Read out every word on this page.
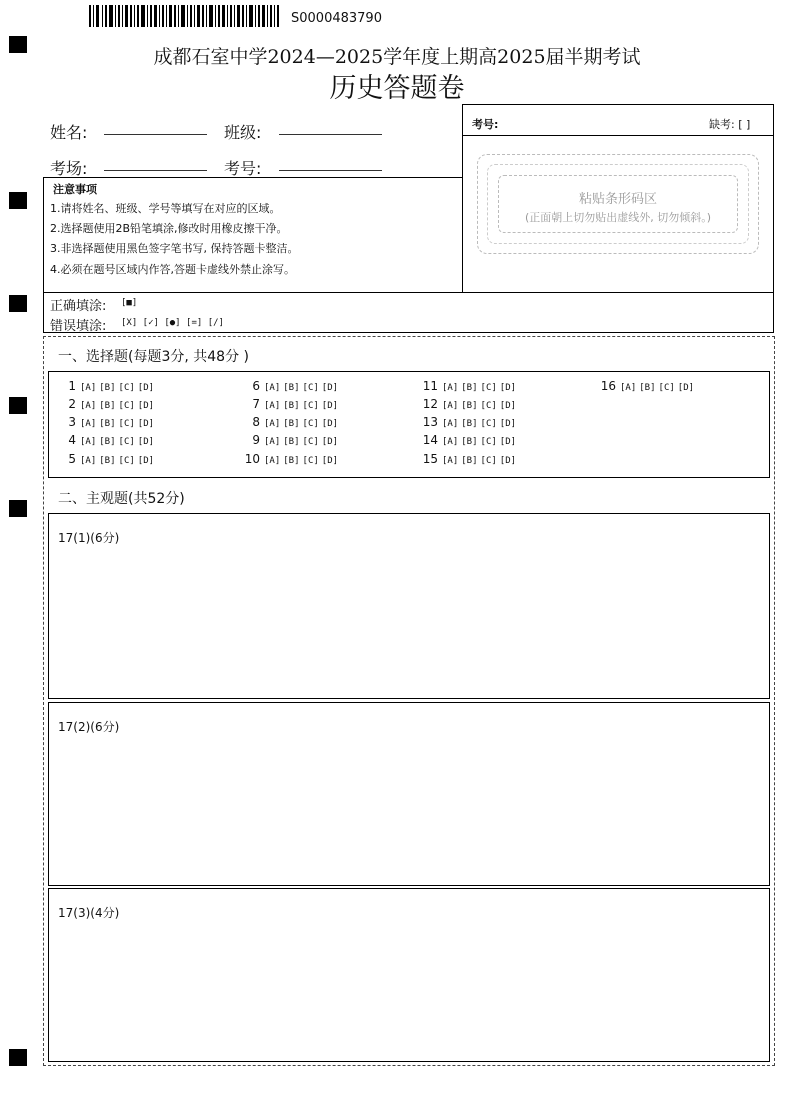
S0000483790
成都石室中学2024—2025学年度上期高2025届半期考试
历史答题卷
姓名:	班级:
考场:	考号:
考号:	缺考: [ ]
粘贴条形码区
(正面朝上切勿贴出虚线外, 切勿倾斜。)
注意事项
1.请将姓名、班级、学号等填写在对应的区域。
2.选择题使用2B铅笔填涂,修改时用橡皮擦干净。
3.非选择题使用黑色签字笔书写, 保持答题卡整洁。
4.必须在题号区域内作答,答题卡虚线外禁止涂写。
正确填涂: [■]
错误填涂: [X] [✓] [●] [=] [/]
一、选择题(每题3分, 共48分 )
1 [A] [B] [C] [D]
2 [A] [B] [C] [D]
3 [A] [B] [C] [D]
4 [A] [B] [C] [D]
5 [A] [B] [C] [D]
6 [A] [B] [C] [D]
7 [A] [B] [C] [D]
8 [A] [B] [C] [D]
9 [A] [B] [C] [D]
10 [A] [B] [C] [D]
11 [A] [B] [C] [D]
12 [A] [B] [C] [D]
13 [A] [B] [C] [D]
14 [A] [B] [C] [D]
15 [A] [B] [C] [D]
16 [A] [B] [C] [D]
二、主观题(共52分)
17(1)(6分)
17(2)(6分)
17(3)(4分)
